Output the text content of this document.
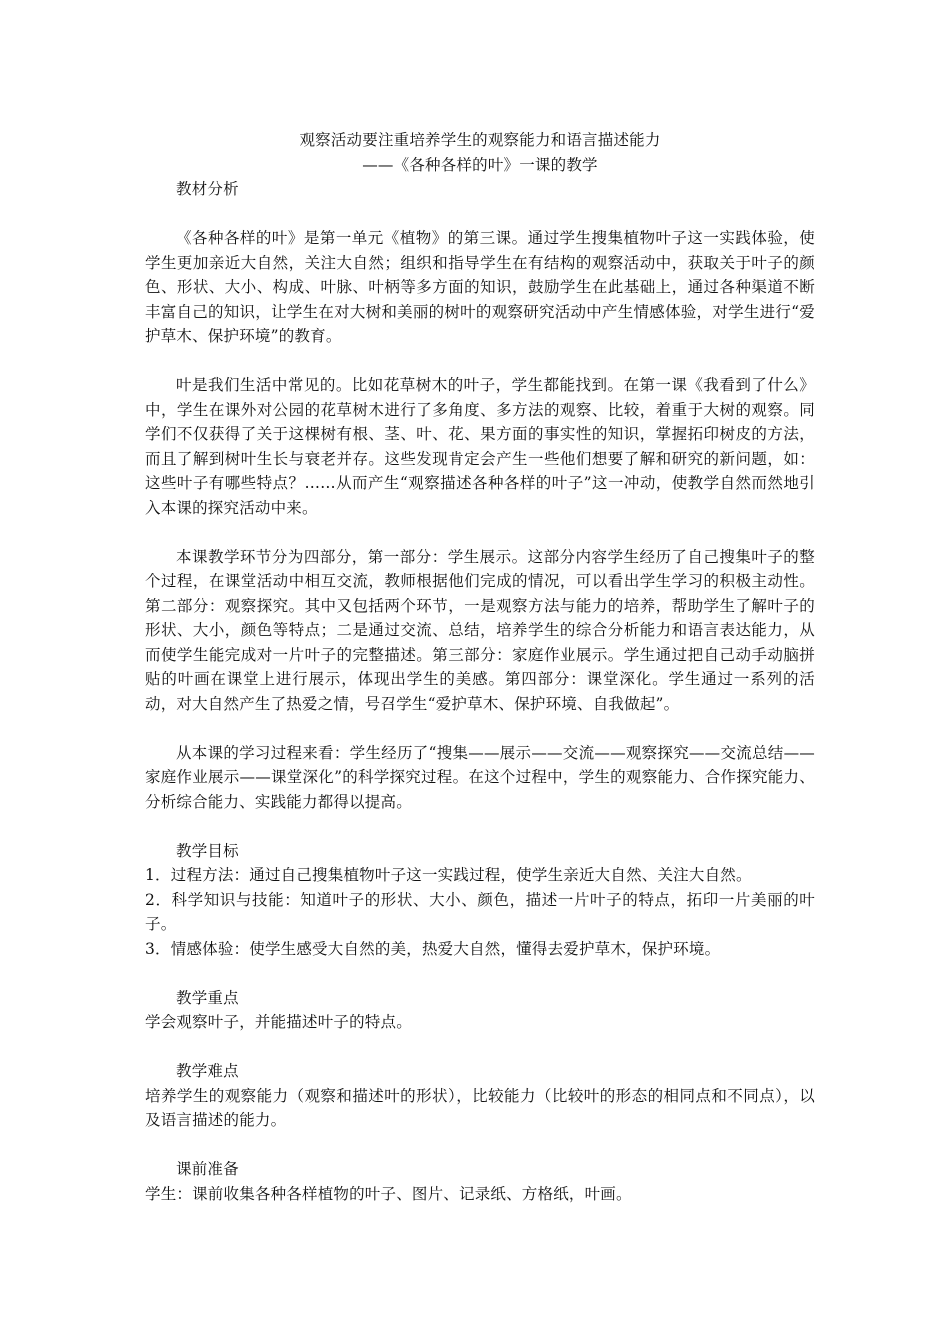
观察活动要注重培养学生的观察能力和语言描述能力

——《各种各样的叶》一课的教学

教材分析

《各种各样的叶》是第一单元《植物》的第三课。通过学生搜集植物叶子这一实践体验，使学生更加亲近大自然，关注大自然；组织和指导学生在有结构的观察活动中，获取关于叶子的颜色、形状、大小、构成、叶脉、叶柄等多方面的知识，鼓励学生在此基础上，通过各种渠道不断丰富自己的知识，让学生在对大树和美丽的树叶的观察研究活动中产生情感体验，对学生进行“爱护草木、保护环境”的教育。

叶是我们生活中常见的。比如花草树木的叶子，学生都能找到。在第一课《我看到了什么》中，学生在课外对公园的花草树木进行了多角度、多方法的观察、比较，着重于大树的观察。同学们不仅获得了关于这棵树有根、茎、叶、花、果方面的事实性的知识，掌握拓印树皮的方法，而且了解到树叶生长与衰老并存。这些发现肯定会产生一些他们想要了解和研究的新问题，如：这些叶子有哪些特点？……从而产生“观察描述各种各样的叶子”这一冲动，使教学自然而然地引入本课的探究活动中来。

本课教学环节分为四部分，第一部分：学生展示。这部分内容学生经历了自己搜集叶子的整个过程，在课堂活动中相互交流，教师根据他们完成的情况，可以看出学生学习的积极主动性。第二部分：观察探究。其中又包括两个环节，一是观察方法与能力的培养，帮助学生了解叶子的形状、大小，颜色等特点；二是通过交流、总结，培养学生的综合分析能力和语言表达能力，从而使学生能完成对一片叶子的完整描述。第三部分：家庭作业展示。学生通过把自己动手动脑拼贴的叶画在课堂上进行展示，体现出学生的美感。第四部分：课堂深化。学生通过一系列的活动，对大自然产生了热爱之情，号召学生“爱护草木、保护环境、自我做起”。

从本课的学习过程来看：学生经历了“搜集——展示——交流——观察探究——交流总结——家庭作业展示——课堂深化”的科学探究过程。在这个过程中，学生的观察能力、合作探究能力、分析综合能力、实践能力都得以提高。

教学目标

1．过程方法：通过自己搜集植物叶子这一实践过程，使学生亲近大自然、关注大自然。

2．科学知识与技能：知道叶子的形状、大小、颜色，描述一片叶子的特点，拓印一片美丽的叶子。

3．情感体验：使学生感受大自然的美，热爱大自然，懂得去爱护草木，保护环境。

教学重点

学会观察叶子，并能描述叶子的特点。

教学难点

培养学生的观察能力（观察和描述叶的形状），比较能力（比较叶的形态的相同点和不同点），以及语言描述的能力。

课前准备

学生：课前收集各种各样植物的叶子、图片、记录纸、方格纸，叶画。
